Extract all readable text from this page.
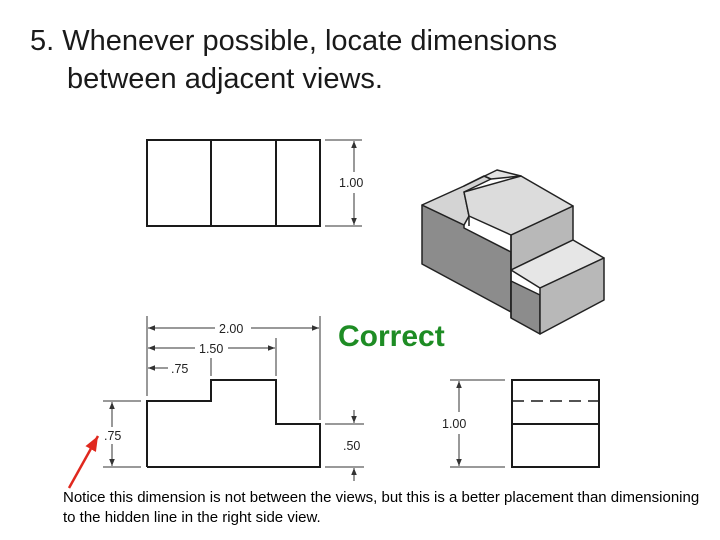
5. Whenever possible, locate dimensions
between adjacent views.
1.00
2.00
1.50
.75
.75
.50
1.00
Correct
Notice this dimension is not between the views, but this is a better placement than dimensioning to the hidden line in the right side view.
